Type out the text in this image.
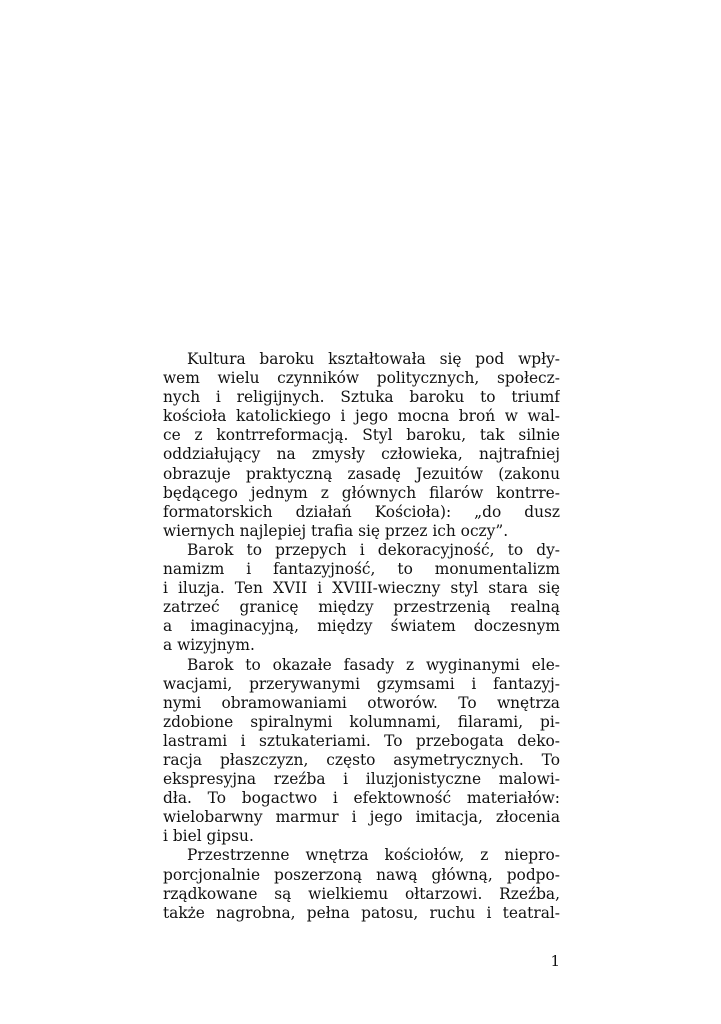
Kultura baroku kształtowała się pod wpły-
wem wielu czynników politycznych, społecz-
nych i religijnych. Sztuka baroku to triumf
kościoła katolickiego i jego mocna broń w wal-
ce z kontrreformacją. Styl baroku, tak silnie
oddziałujący na zmysły człowieka, najtrafniej
obrazuje praktyczną zasadę Jezuitów (zakonu
będącego jednym z głównych filarów kontrre-
formatorskich działań Kościoła): „do dusz
wiernych najlepiej trafia się przez ich oczy”.
Barok to przepych i dekoracyjność, to dy-
namizm i fantazyjność, to monumentalizm
i iluzja. Ten XVII i XVIII-wieczny styl stara się
zatrzeć granicę między przestrzenią realną
a imaginacyjną, między światem doczesnym
a wizyjnym.
Barok to okazałe fasady z wyginanymi ele-
wacjami, przerywanymi gzymsami i fantazyj-
nymi obramowaniami otworów. To wnętrza
zdobione spiralnymi kolumnami, filarami, pi-
lastrami i sztukateriami. To przebogata deko-
racja płaszczyzn, często asymetrycznych. To
ekspresyjna rzeźba i iluzjonistyczne malowi-
dła. To bogactwo i efektowność materiałów:
wielobarwny marmur i jego imitacja, złocenia
i biel gipsu.
Przestrzenne wnętrza kościołów, z niepro-
porcjonalnie poszerzoną nawą główną, podpo-
rządkowane są wielkiemu ołtarzowi. Rzeźba,
także nagrobna, pełna patosu, ruchu i teatral-
1
